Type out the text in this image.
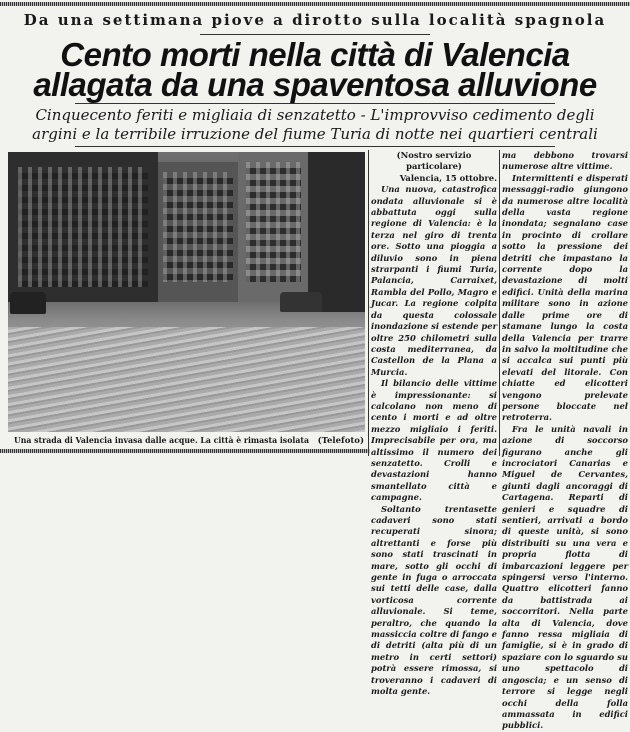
Da una settimana piove a dirotto sulla località spagnola
Cento morti nella città di Valencia
allagata da una spaventosa alluvione
Cinquecento feriti e migliaia di senzatetto - L'improvviso cedimento degli
argini e la terribile irruzione del fiume Turia di notte nei quartieri centrali
Una strada di Valencia invasa dalle acque. La città è rimasta isolata (Telefoto)
(Nostro servizio particolare)
Valencia, 15 ottobre.

Una nuova, catastrofica ondata alluvionale si è abbattuta oggi sulla regione di Valencia: è la terza nel giro di trenta ore. Sotto una pioggia a diluvio sono in piena strarpanti i fiumi Turia, Palancia, Carraixet, Rambla del Pollo, Magro e Jucar. La regione colpita da questa colossale inondazione si estende per oltre 250 chilometri sulla costa mediterranea, da Castellon de la Plana a Murcia.

Il bilancio delle vittime è impressionante: si calcolano non meno di cento i morti e ad oltre mezzo migliaio i feriti. Imprecisabile per ora, ma altissimo il numero dei senzatetto. Crolli e devastazioni hanno smantellato città e campagne.

Soltanto trentasette cadaveri sono stati recuperati sinora; altrettanti e forse più sono stati trascinati in mare, sotto gli occhi di gente in fuga o arroccata sui tetti delle case, dalla vorticosa corrente alluvionale. Si teme, peraltro, che quando la massiccia coltre di fango e di detriti (alta più di un metro in certi settori) potrà essere rimossa, si troveranno i cadaveri di molta gente.

ma debbono trovarsi numerose altre vittime.

Intermittenti e disperati messaggi-radio giungono da numerose altre località della vasta regione inondata; segnalano case in procinto di crollare sotto la pressione dei detriti che impastano la corrente dopo la devastazione di molti edifici. Unità della marina militare sono in azione dalle prime ore di stamane lungo la costa della Valencia per trarre in salvo la moltitudine che si accalca sui punti più elevati del litorale. Con chiatte ed elicotteri vengono prelevate persone bloccate nel retroterra.

Fra le unità navali in azione di soccorso figurano anche gli incrociatori Canarias e Miguel de Cervantes, giunti dagli ancoraggi di Cartagena. Reparti di genieri e squadre di sentieri, arrivati a bordo di queste unità, si sono distribuiti su una vera e propria flotta di imbarcazioni leggere per spingersi verso l'interno. Quattro elicotteri fanno da battistrada ai soccorritori. Nella parte alta di Valencia, dove fanno ressa migliaia di famiglie, si è in grado di spaziare con lo sguardo su uno spettacolo di angoscia; e un senso di terrore si legge negli occhi della folla ammassata in edifici pubblici.
